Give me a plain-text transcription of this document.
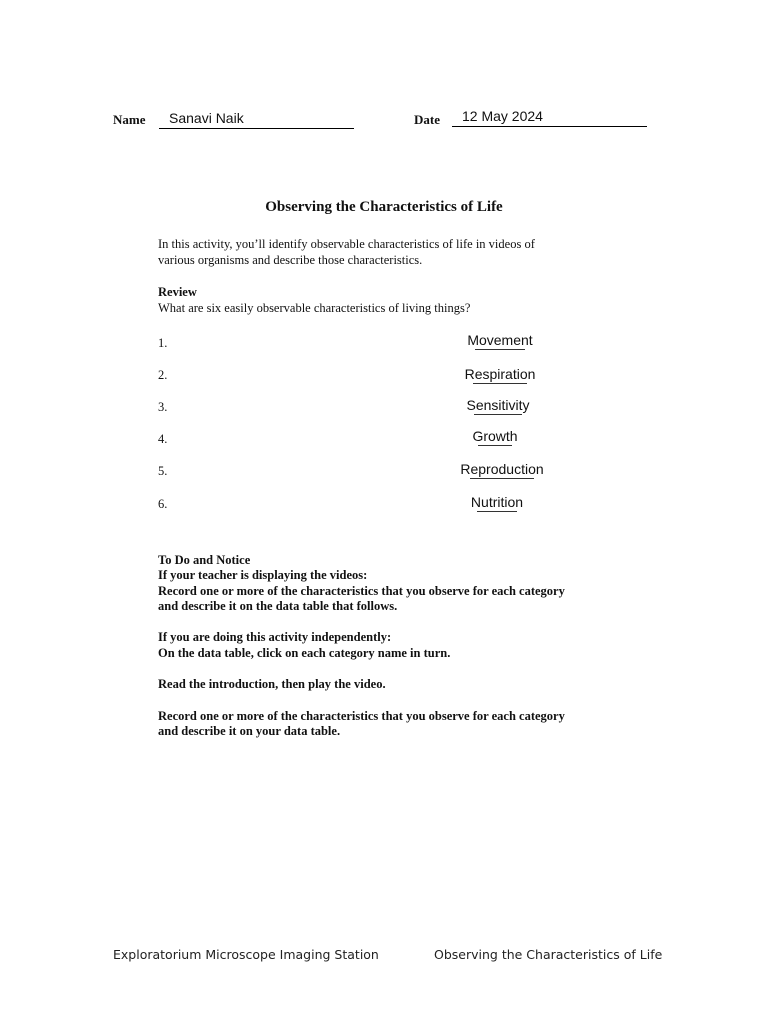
Name	Sanavi Naik	Date	12 May 2024
Observing the Characteristics of Life
In this activity, you’ll identify observable characteristics of life in videos of
various organisms and describe those characteristics.
Review
What are six easily observable characteristics of living things?
1.	Movement
2.	Respiration
3.	Sensitivity
4.	Growth
5.	Reproduction
6.	Nutrition
To Do and Notice
If your teacher is displaying the videos:
Record one or more of the characteristics that you observe for each category
and describe it on the data table that follows.
If you are doing this activity independently:
On the data table, click on each category name in turn.
Read the introduction, then play the video.
Record one or more of the characteristics that you observe for each category
and describe it on your data table.
Exploratorium Microscope Imaging Station	Observing the Characteristics of Life
